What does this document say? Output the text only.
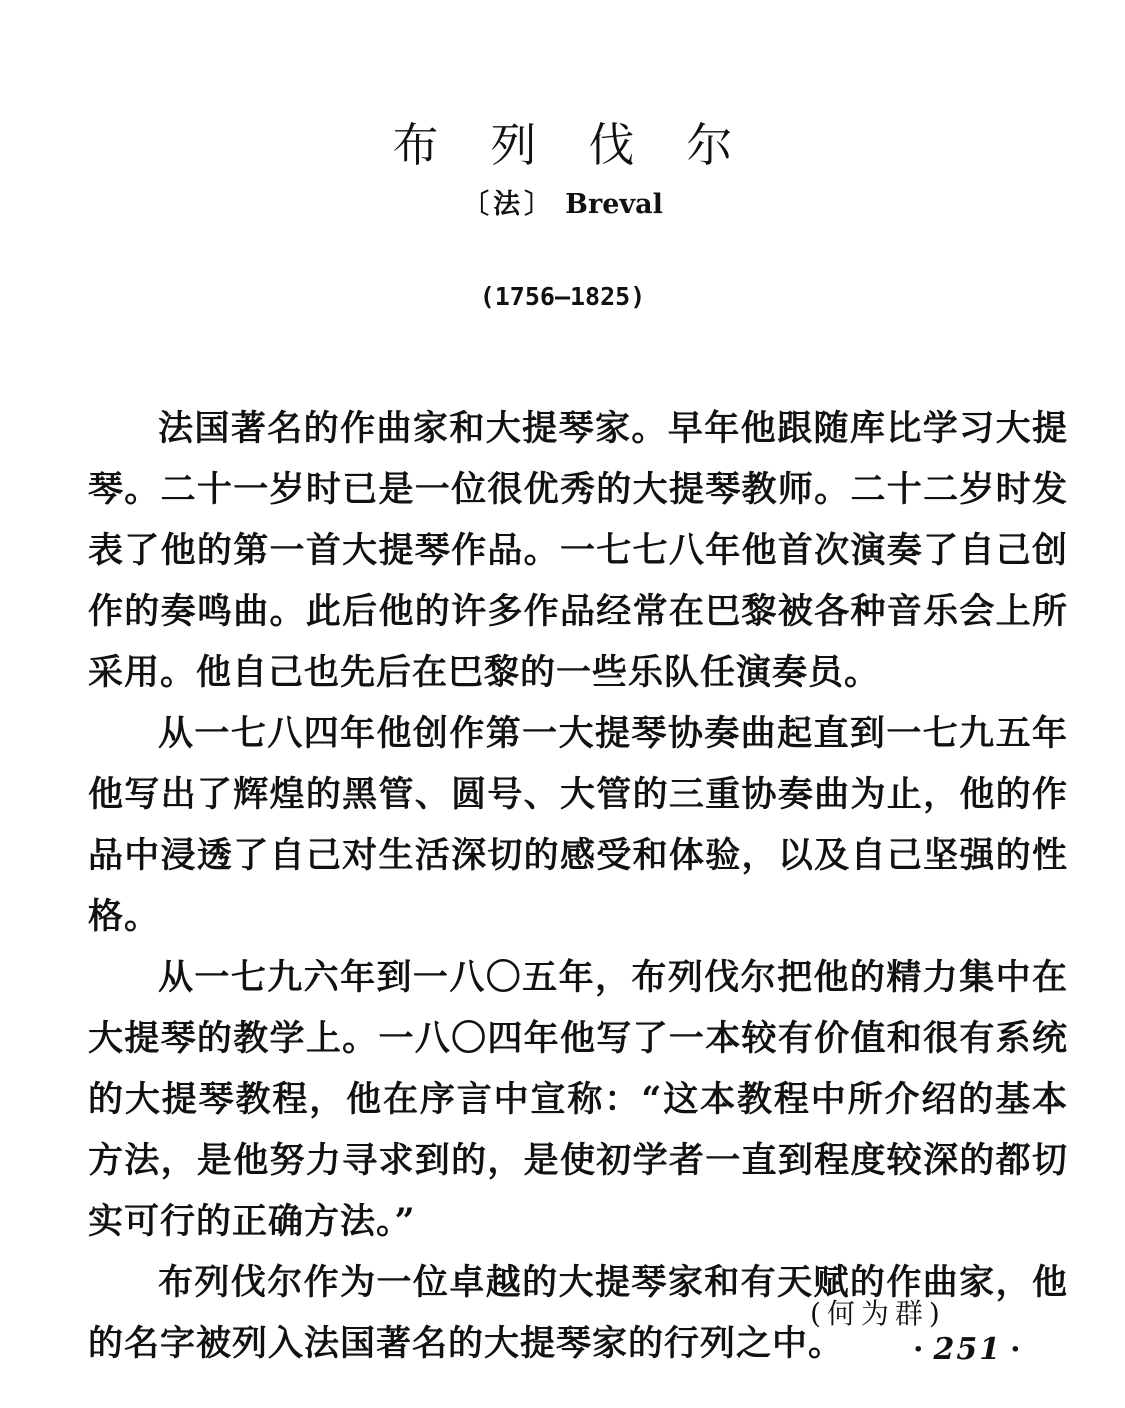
布列伐尔
〔法〕 Breval
(1756—1825)

法国著名的作曲家和大提琴家。早年他跟随库比学习大提琴。二十一岁时已是一位很优秀的大提琴教师。二十二岁时发表了他的第一首大提琴作品。一七七八年他首次演奏了自己创作的奏鸣曲。此后他的许多作品经常在巴黎被各种音乐会上所采用。他自己也先后在巴黎的一些乐队任演奏员。

从一七八四年他创作第一大提琴协奏曲起直到一七九五年他写出了辉煌的黑管、圆号、大管的三重协奏曲为止，他的作品中浸透了自己对生活深切的感受和体验，以及自己坚强的性格。

从一七九六年到一八〇五年，布列伐尔把他的精力集中在大提琴的教学上。一八〇四年他写了一本较有价值和很有系统的大提琴教程，他在序言中宣称：“这本教程中所介绍的基本方法，是他努力寻求到的，是使初学者一直到程度较深的都切实可行的正确方法。”

布列伐尔作为一位卓越的大提琴家和有天赋的作曲家，他的名字被列入法国著名的大提琴家的行列之中。

(何为群)
· 251 ·
